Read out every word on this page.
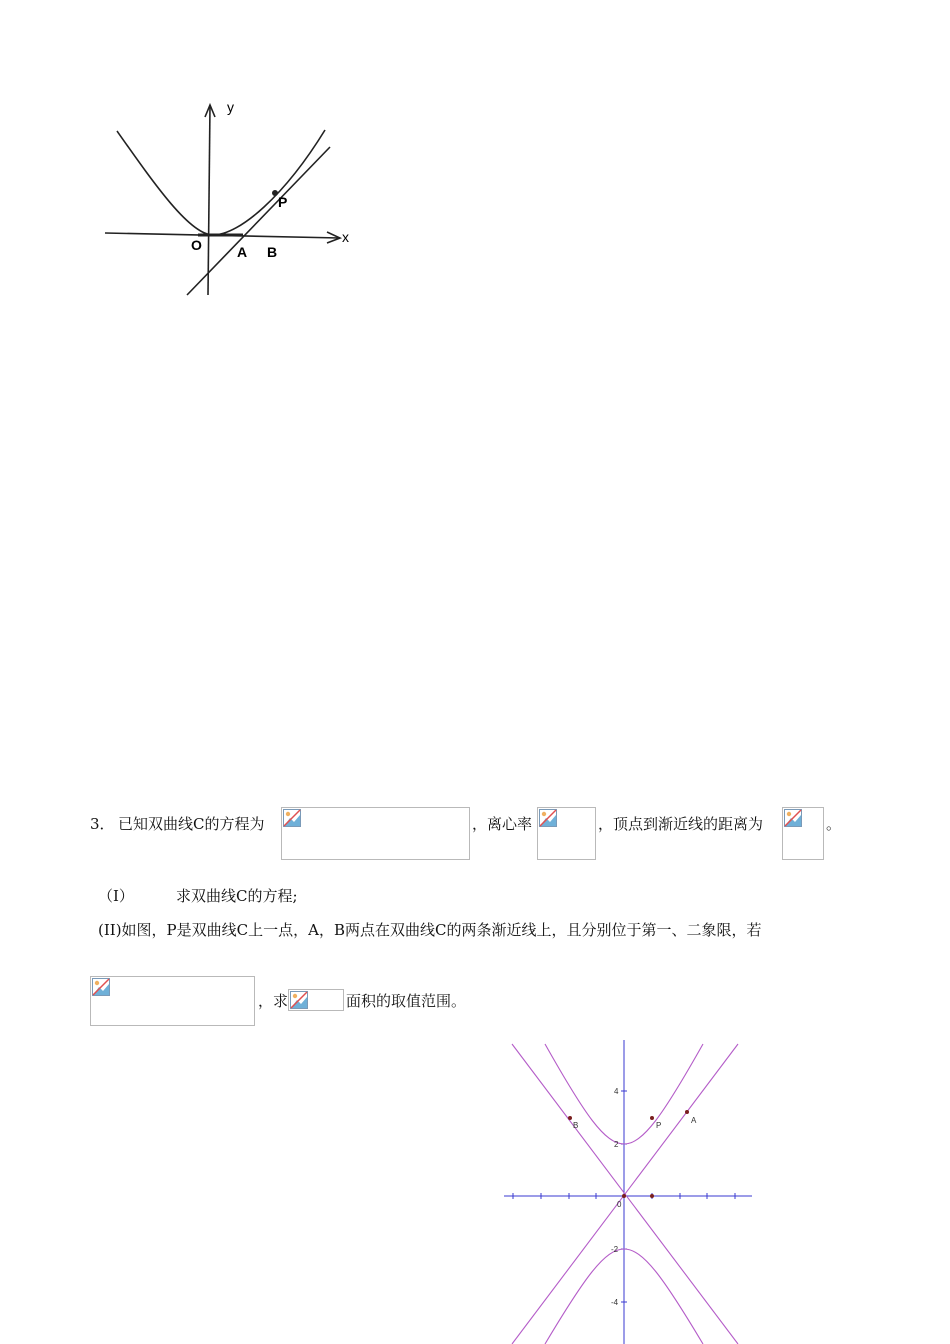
y
x
O	A B
P
3． 已知双曲线C的方程为	，离心率	，顶点到渐近线的距离为	。
（I）	求双曲线C的方程;
(II)如图，P是双曲线C上一点，A，B两点在双曲线C的两条渐近线上，且分别位于第一、二象限，若
，求	面积的取值范围。
4
2
-2
-4
0
B	P
A
